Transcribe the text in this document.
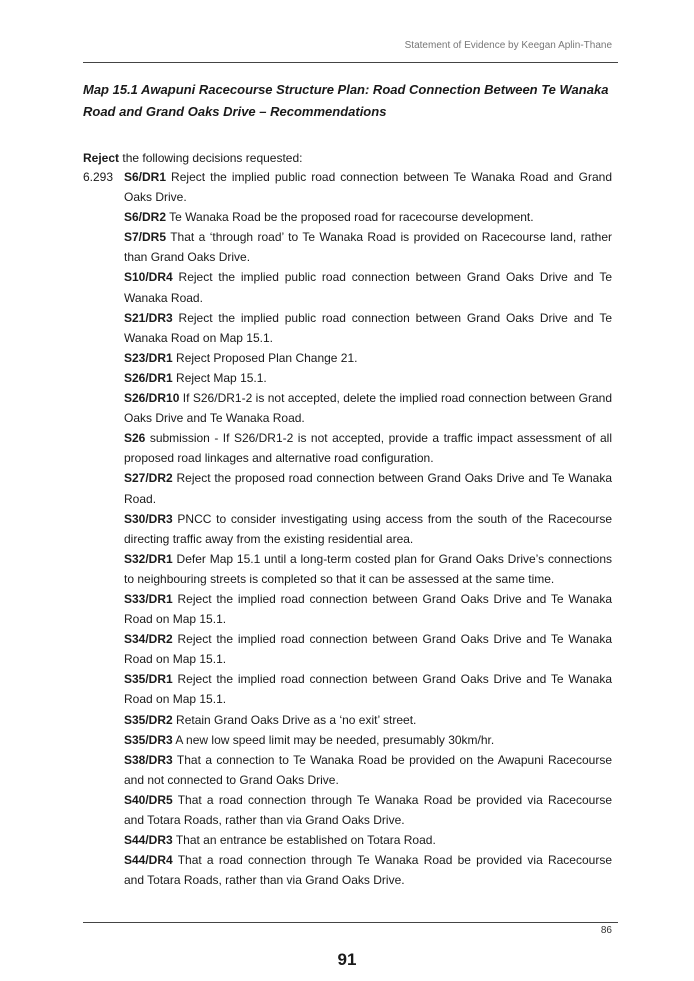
Statement of Evidence by Keegan Aplin-Thane
Map 15.1 Awapuni Racecourse Structure Plan: Road Connection Between Te Wanaka Road and Grand Oaks Drive – Recommendations
Reject the following decisions requested:
6.293 S6/DR1 Reject the implied public road connection between Te Wanaka Road and Grand Oaks Drive.
S6/DR2 Te Wanaka Road be the proposed road for racecourse development.
S7/DR5 That a ‘through road’ to Te Wanaka Road is provided on Racecourse land, rather than Grand Oaks Drive.
S10/DR4 Reject the implied public road connection between Grand Oaks Drive and Te Wanaka Road.
S21/DR3 Reject the implied public road connection between Grand Oaks Drive and Te Wanaka Road on Map 15.1.
S23/DR1 Reject Proposed Plan Change 21.
S26/DR1 Reject Map 15.1.
S26/DR10 If S26/DR1-2 is not accepted, delete the implied road connection between Grand Oaks Drive and Te Wanaka Road.
S26 submission - If S26/DR1-2 is not accepted, provide a traffic impact assessment of all proposed road linkages and alternative road configuration.
S27/DR2 Reject the proposed road connection between Grand Oaks Drive and Te Wanaka Road.
S30/DR3 PNCC to consider investigating using access from the south of the Racecourse directing traffic away from the existing residential area.
S32/DR1 Defer Map 15.1 until a long-term costed plan for Grand Oaks Drive’s connections to neighbouring streets is completed so that it can be assessed at the same time.
S33/DR1 Reject the implied road connection between Grand Oaks Drive and Te Wanaka Road on Map 15.1.
S34/DR2 Reject the implied road connection between Grand Oaks Drive and Te Wanaka Road on Map 15.1.
S35/DR1 Reject the implied road connection between Grand Oaks Drive and Te Wanaka Road on Map 15.1.
S35/DR2 Retain Grand Oaks Drive as a ‘no exit’ street.
S35/DR3 A new low speed limit may be needed, presumably 30km/hr.
S38/DR3 That a connection to Te Wanaka Road be provided on the Awapuni Racecourse and not connected to Grand Oaks Drive.
S40/DR5 That a road connection through Te Wanaka Road be provided via Racecourse and Totara Roads, rather than via Grand Oaks Drive.
S44/DR3 That an entrance be established on Totara Road.
S44/DR4 That a road connection through Te Wanaka Road be provided via Racecourse and Totara Roads, rather than via Grand Oaks Drive.
86
91
